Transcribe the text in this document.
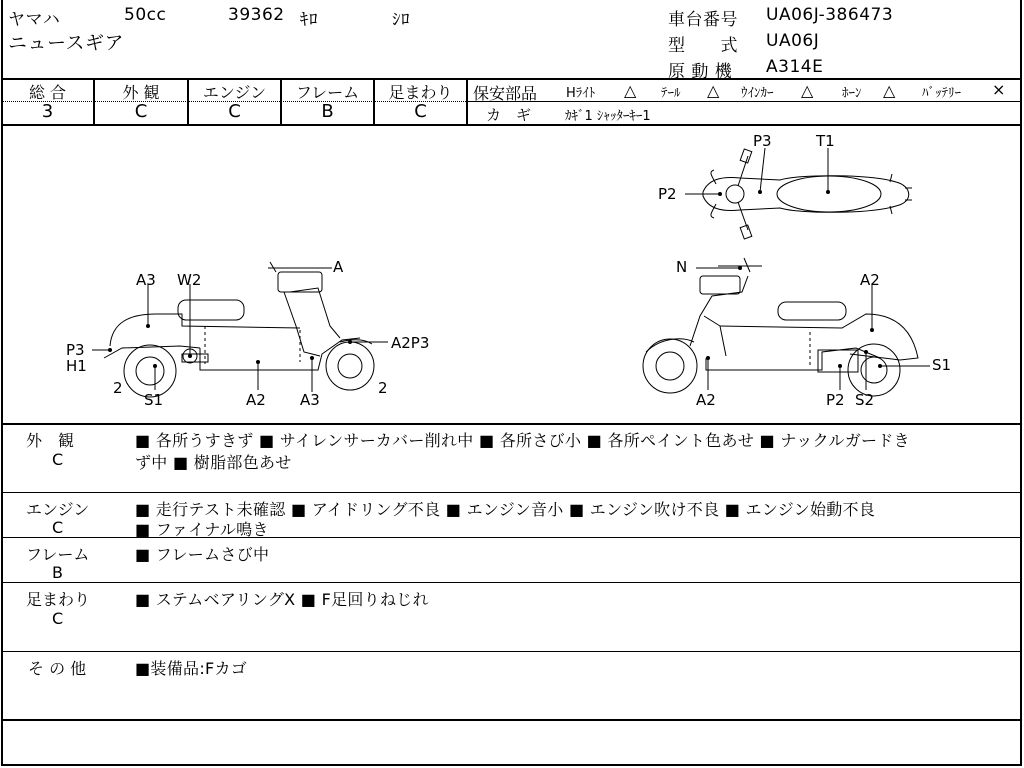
ヤマハ	50cc	39362 ｷﾛ	ｼﾛ
ニュースギア
車台番号 UA06J-386473
型　　式 UA06J
原 動 機 A314E
総 合	外 観	エンジン	フレーム	足まわり
3	C	C	B	C
保安部品 Hﾗｲﾄ △ ﾃｰﾙ △ ｳｲﾝｶｰ △ ﾎｰﾝ △ ﾊﾞｯﾃﾘｰ ×
カ　ギ	ｶｷﾞ1 ｼｬｯﾀｰｷｰ1
P3	T1
P2
A
A3 W2
P3
H1
2
S1	A2 A3
A2P3
2
N
A2
S1
A2	P2 S2
外　観
C
■ 各所うすきず ■ サイレンサーカバー削れ中 ■ 各所さび小 ■ 各所ペイント色あせ ■ ナックルガードき
ず中 ■ 樹脂部色あせ
エンジン
C
■ 走行テスト未確認 ■ アイドリング不良 ■ エンジン音小 ■ エンジン吹け不良 ■ エンジン始動不良
■ ファイナル鳴き
フレーム
B
■ フレームさび中
足まわり
C
■ ステムベアリングX ■ F足回りねじれ
そ の 他	■装備品:Fカゴ
